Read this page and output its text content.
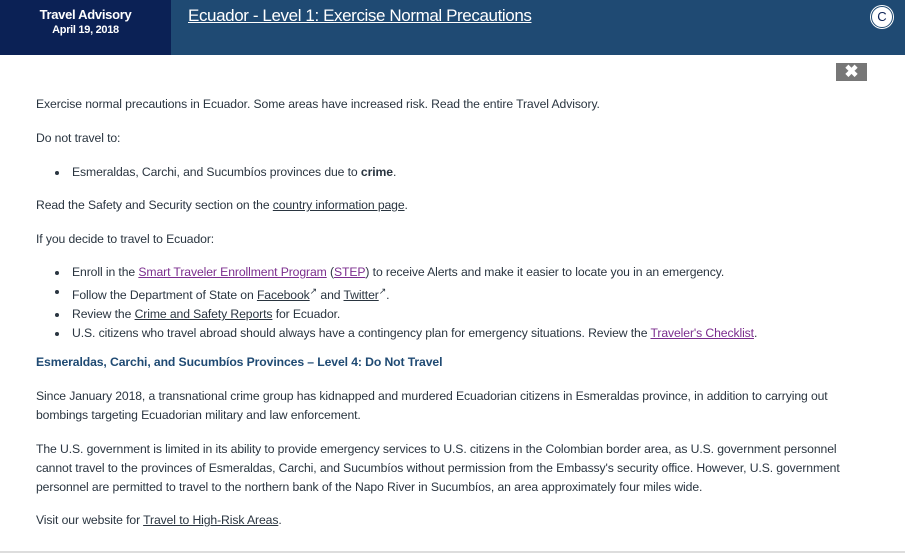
Travel Advisory
April 19, 2018
Ecuador - Level 1: Exercise Normal Precautions	C
✖

Exercise normal precautions in Ecuador. Some areas have increased risk. Read the entire Travel Advisory.

Do not travel to:

Esmeraldas, Carchi, and Sucumbíos provinces due to crime.

Read the Safety and Security section on the country information page.

If you decide to travel to Ecuador:

Enroll in the Smart Traveler Enrollment Program (STEP) to receive Alerts and make it easier to locate you in an emergency.
Follow the Department of State on Facebook↗ and Twitter↗.
Review the Crime and Safety Reports for Ecuador.
U.S. citizens who travel abroad should always have a contingency plan for emergency situations. Review the Traveler's Checklist.

Esmeraldas, Carchi, and Sucumbíos Provinces – Level 4: Do Not Travel

Since January 2018, a transnational crime group has kidnapped and murdered Ecuadorian citizens in Esmeraldas province, in addition to carrying out bombings targeting Ecuadorian military and law enforcement.

The U.S. government is limited in its ability to provide emergency services to U.S. citizens in the Colombian border area, as U.S. government personnel cannot travel to the provinces of Esmeraldas, Carchi, and Sucumbíos without permission from the Embassy's security office. However, U.S. government personnel are permitted to travel to the northern bank of the Napo River in Sucumbíos, an area approximately four miles wide.

Visit our website for Travel to High-Risk Areas.
